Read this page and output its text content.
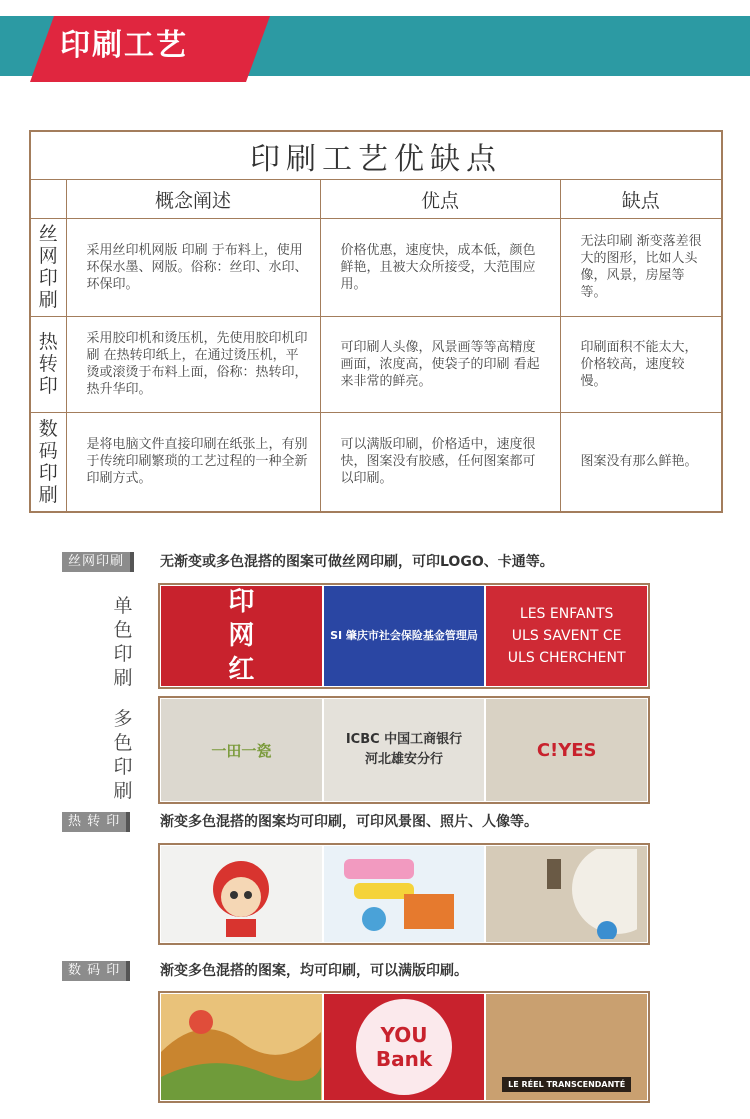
印刷工艺
印刷工艺优缺点			
	概念阐述	优点	缺点
丝
网
印
刷	采用丝印机网版 印刷 于布料上，使用环保水墨、网版。俗称：丝印、水印、环保印。	价格优惠，速度快，成本低，颜色鲜艳，且被大众所接受，大范围应用。	无法印刷 渐变落差很大的图形，比如人头像，风景，房屋等等。
热
转
印	采用胶印机和烫压机，先使用胶印机印刷 在热转印纸上，在通过烫压机，平烫或滚烫于布料上面，俗称：热转印，热升华印。	可印刷人头像，风景画等等高精度画面，浓度高，使袋子的印刷 看起来非常的鲜亮。	印刷面积不能太大，价格较高，速度较慢。
数
码
印
刷	是将电脑文件直接印刷在纸张上，有别于传统印刷繁琐的工艺过程的一种全新印刷方式。	可以满版印刷，价格适中，速度很快，图案没有胶感，任何图案都可以印刷。	图案没有那么鲜艳。
丝网印刷	无渐变或多色混搭的图案可做丝网印刷，可印LOGO、卡通等。
单
色
印
刷
印
网
红
SI 肇庆市社会保险基金管理局
LES ENFANTS
ULS SAVENT CE
ULS CHERCHENT
多
色
印
刷
一田一瓷
ICBC 中国工商银行
河北雄安分行	C!YES
热 转 印	渐变多色混搭的图案均可印刷，可印风景图、照片、人像等。
数 码 印	渐变多色混搭的图案，均可印刷，可以满版印刷。
YOU Bank
LE RÉEL TRANSCENDANTÉ
